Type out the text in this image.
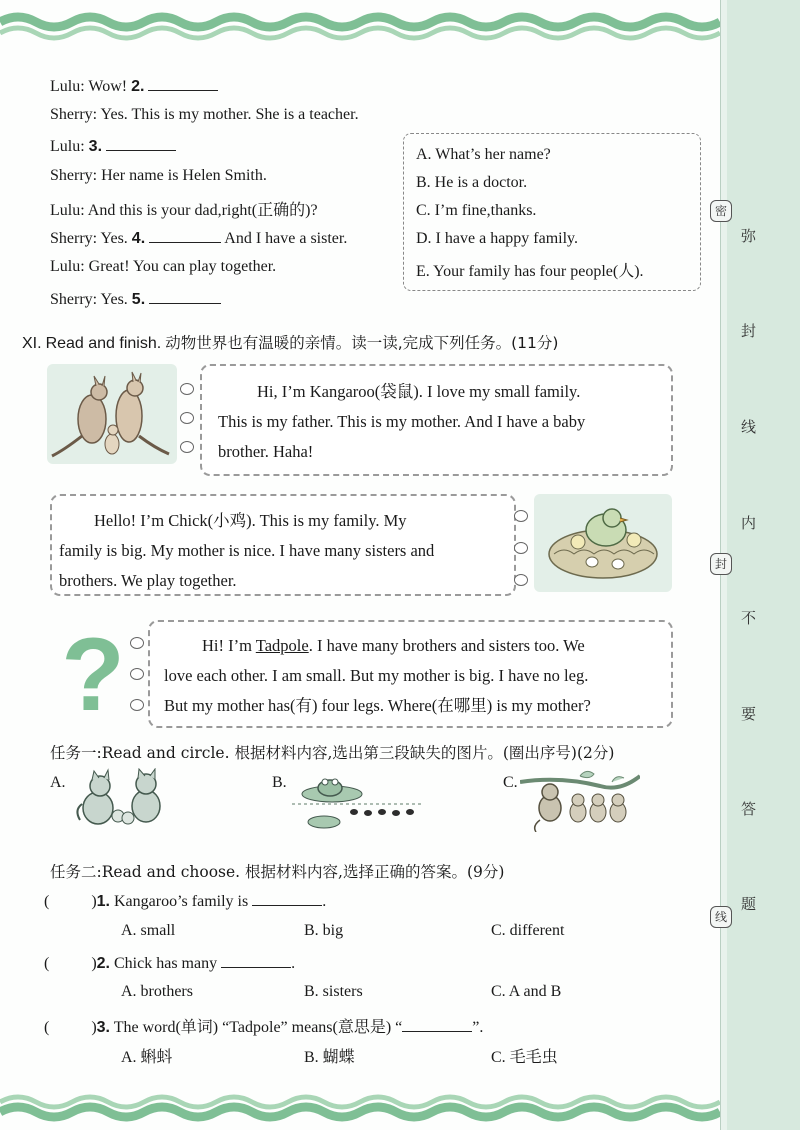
弥
封
线
内
不
要
答
题
密
封
线
Lulu: Wow! 2.
Sherry: Yes. This is my mother. She is a teacher.
Lulu: 3.
Sherry: Her name is Helen Smith.
Lulu: And this is your dad,right(正确的)?
Sherry: Yes. 4.	And I have a sister.
Lulu: Great! You can play together.
Sherry: Yes. 5.
A. What’s her name?
B. He is a doctor.
C. I’m fine,thanks.
D. I have a happy family.
E. Your family has four people(人).
XI. Read and finish. 动物世界也有温暖的亲情。读一读,完成下列任务。(11分)
Hi, I’m Kangaroo(袋鼠). I love my small family.
This is my father. This is my mother. And I have a baby
brother. Haha!
Hello! I’m Chick(小鸡). This is my family. My
family is big. My mother is nice. I have many sisters and
brothers. We play together.
?	Hi! I’m Tadpole. I have many brothers and sisters too. We
love each other. I am small. But my mother is big. I have no leg.
But my mother has(有) four legs. Where(在哪里) is my mother?
任务一:Read and circle. 根据材料内容,选出第三段缺失的图片。(圈出序号)(2分)
A.	B.	C.
任务二:Read and choose. 根据材料内容,选择正确的答案。(9分)
(	)1. Kangaroo’s family is	.
A. small	B. big	C. different
(	)2. Chick has many	.
A. brothers	B. sisters	C. A and B
(	)3. The word(单词) “Tadpole” means(意思是) “	”.
A. 蝌蚪	B. 蝴蝶	C. 毛毛虫
